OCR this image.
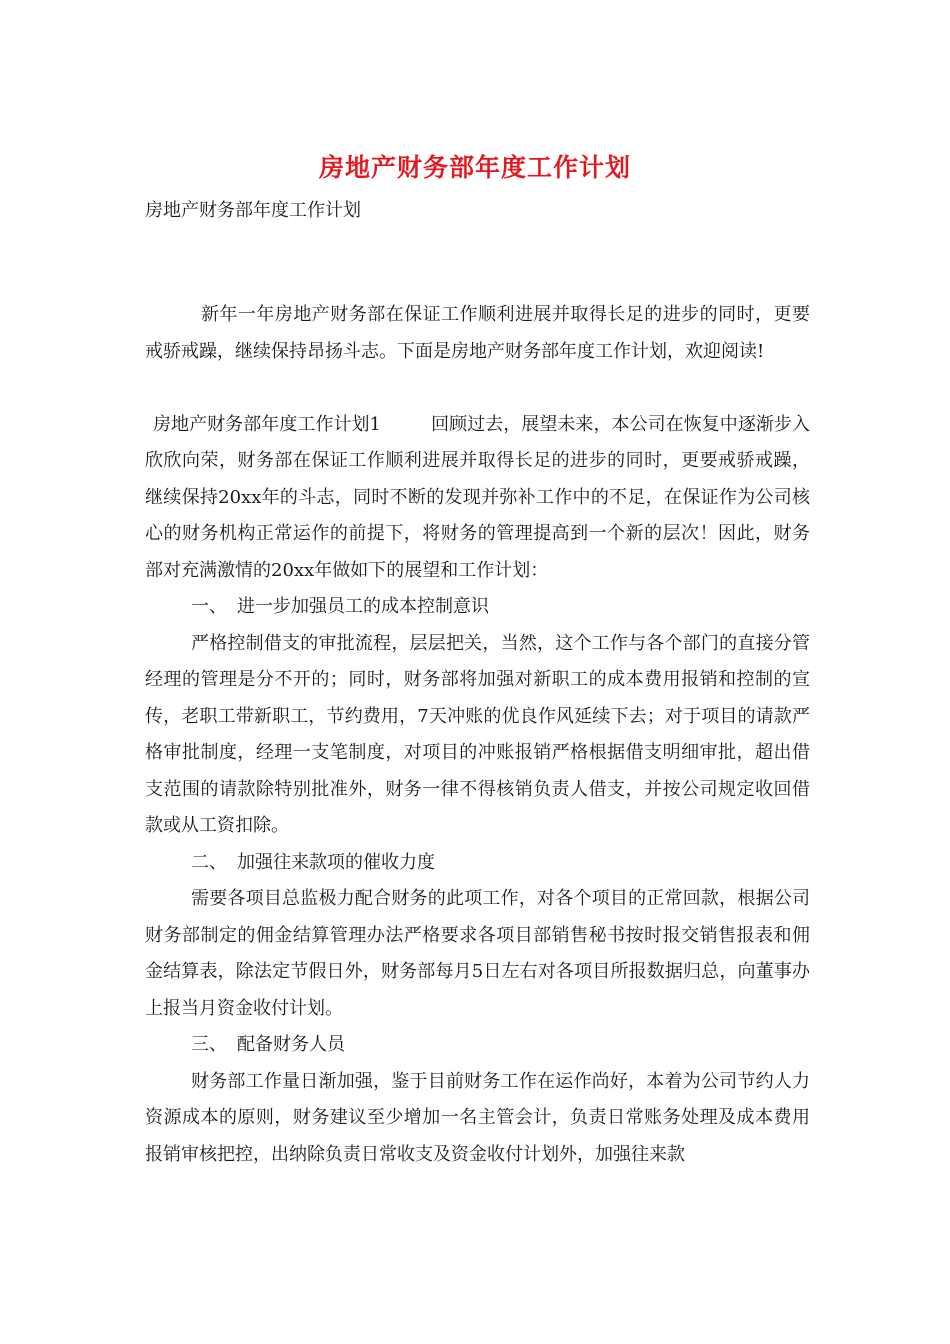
房地产财务部年度工作计划
房地产财务部年度工作计划

新年一年房地产财务部在保证工作顺利进展并取得长足的进步的同时，更要戒骄戒躁，继续保持昂扬斗志。下面是房地产财务部年度工作计划，欢迎阅读!

房地产财务部年度工作计划1	回顾过去，展望未来，本公司在恢复中逐渐步入欣欣向荣，财务部在保证工作顺利进展并取得长足的进步的同时，更要戒骄戒躁，继续保持20xx年的斗志，同时不断的发现并弥补工作中的不足，在保证作为公司核心的财务机构正常运作的前提下，将财务的管理提高到一个新的层次！因此，财务部对充满激情的20xx年做如下的展望和工作计划：

一、 进一步加强员工的成本控制意识

严格控制借支的审批流程，层层把关，当然，这个工作与各个部门的直接分管经理的管理是分不开的；同时，财务部将加强对新职工的成本费用报销和控制的宣传，老职工带新职工，节约费用，7天冲账的优良作风延续下去；对于项目的请款严格审批制度，经理一支笔制度，对项目的冲账报销严格根据借支明细审批，超出借支范围的请款除特别批准外，财务一律不得核销负责人借支，并按公司规定收回借款或从工资扣除。

二、 加强往来款项的催收力度

需要各项目总监极力配合财务的此项工作，对各个项目的正常回款，根据公司财务部制定的佣金结算管理办法严格要求各项目部销售秘书按时报交销售报表和佣金结算表，除法定节假日外，财务部每月5日左右对各项目所报数据归总，向董事办上报当月资金收付计划。

三、 配备财务人员

财务部工作量日渐加强，鉴于目前财务工作在运作尚好，本着为公司节约人力资源成本的原则，财务建议至少增加一名主管会计，负责日常账务处理及成本费用报销审核把控，出纳除负责日常收支及资金收付计划外，加强往来款
